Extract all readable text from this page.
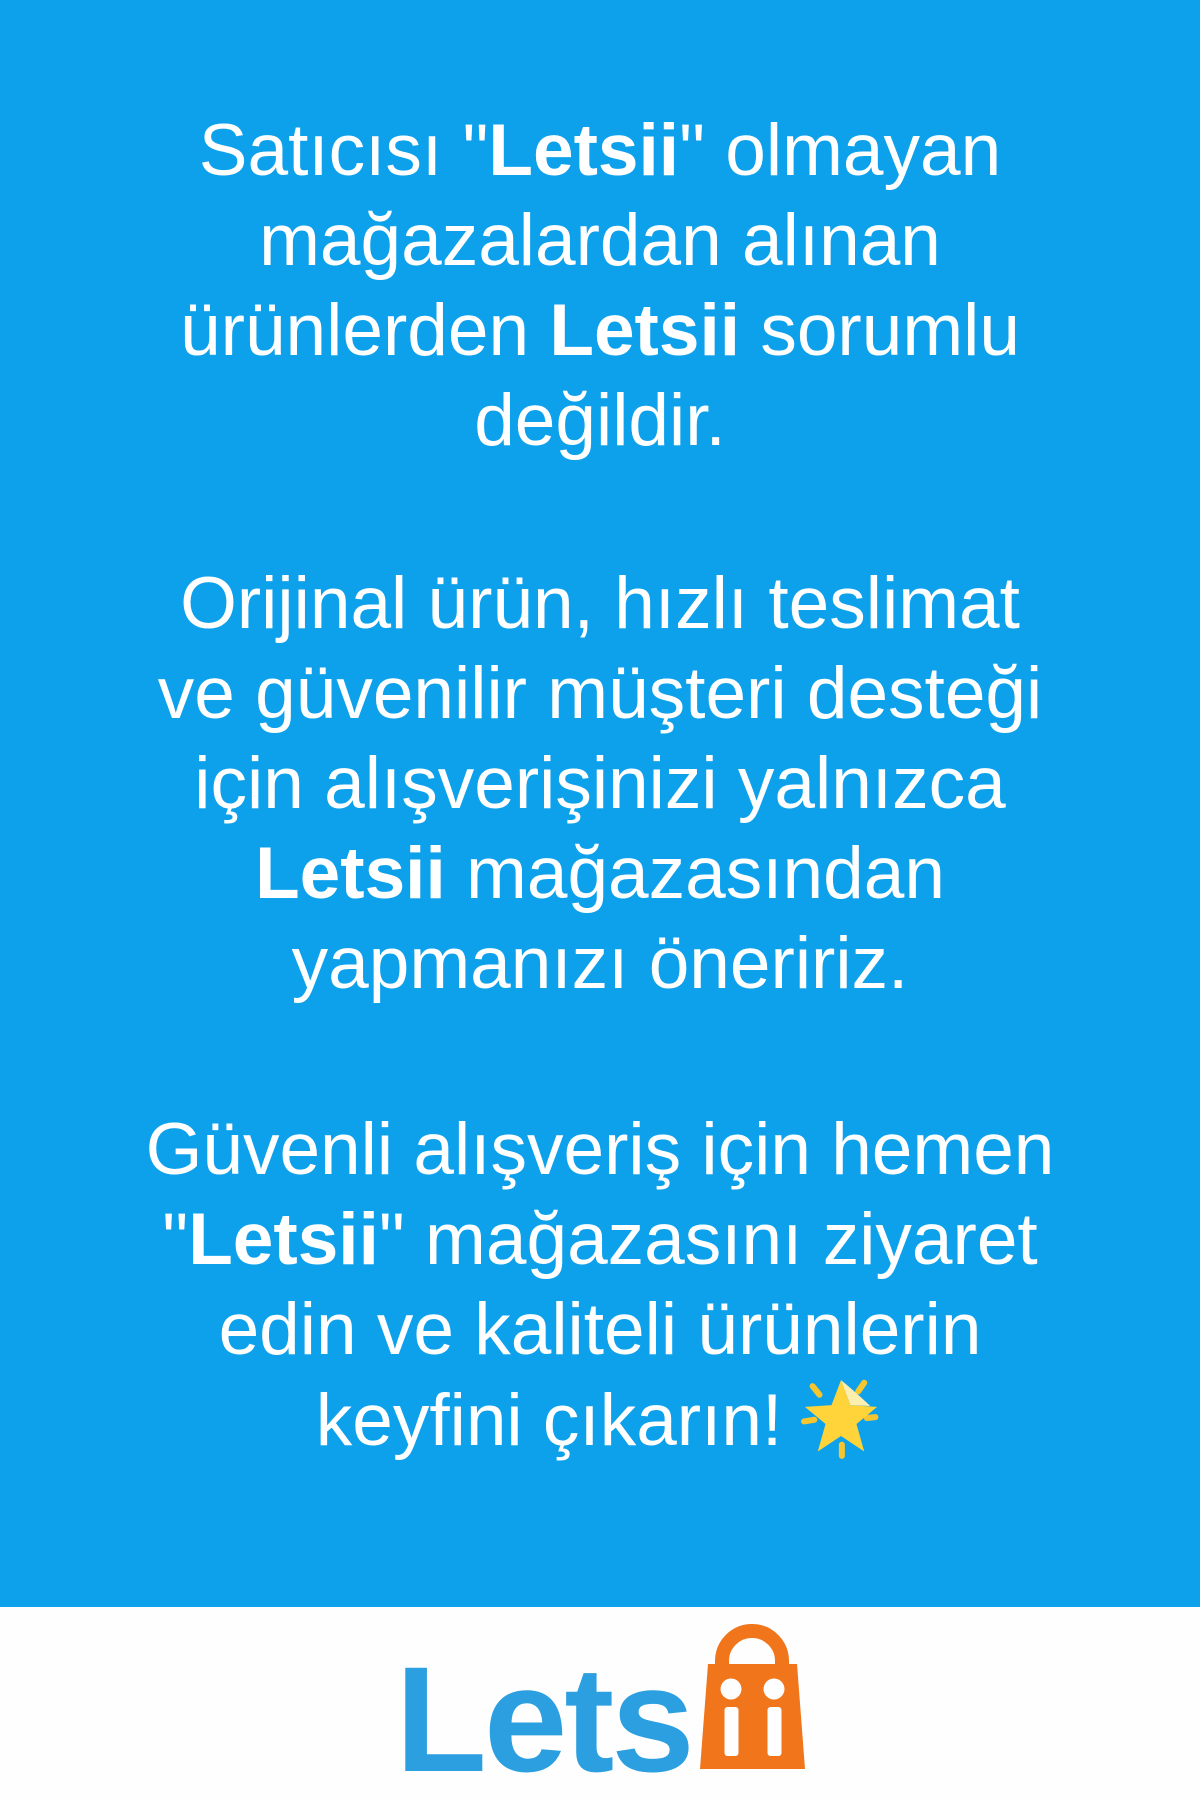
Satıcısı "Letsii" olmayan
mağazalardan alınan
ürünlerden Letsii sorumlu
değildir.

Orijinal ürün, hızlı teslimat
ve güvenilir müşteri desteği
için alışverişinizi yalnızca
Letsii mağazasından
yapmanızı öneririz.

Güvenli alışveriş için hemen
"Letsii" mağazasını ziyaret
edin ve kaliteli ürünlerin
keyfini çıkarın!

Lets
